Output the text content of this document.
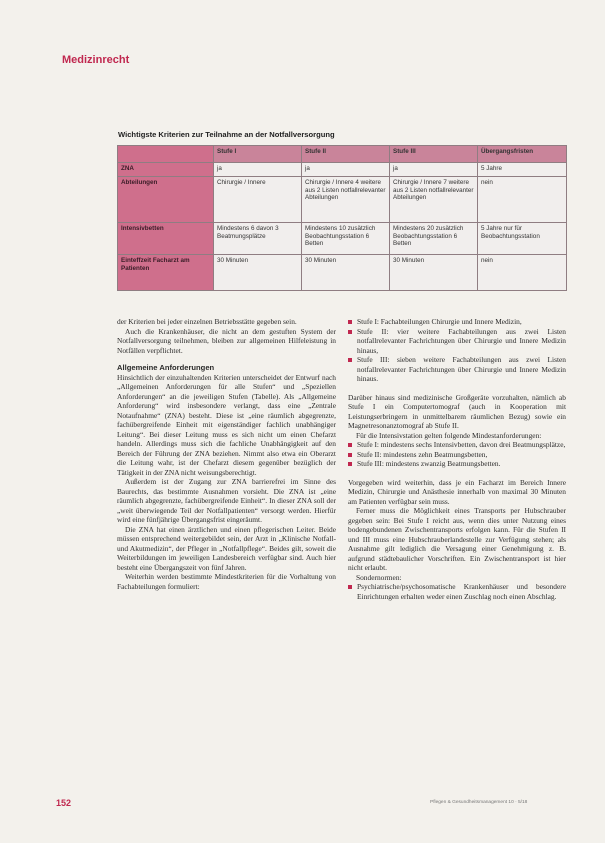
Medizinrecht
Wichtigste Kriterien zur Teilnahme an der Notfallversorgung
	Stufe I	Stufe II	Stufe III	Übergangsfristen
ZNA	ja	ja	ja	5 Jahre
Abteilungen	Chirurgie / Innere	Chirurgie / Innere 4 weitere aus 2 Listen notfallrelevanter Abteilungen	Chirurgie / Innere 7 weitere aus 2 Listen notfallrelevanter Abteilungen	nein
Intensivbetten	Mindestens 6 davon 3 Beatmungsplätze	Mindestens 10 zusätzlich Beobachtungsstation 6 Betten	Mindestens 20 zusätzlich Beobachtungsstation 6 Betten	5 Jahre nur für Beobachtungsstation
Einteffzeit Facharzt am Patienten	30 Minuten	30 Minuten	30 Minuten	nein

der Kriterien bei jeder einzelnen Betriebsstätte gegeben sein.

Auch die Krankenhäuser, die nicht an dem gestuften System der Notfallversorgung teilnehmen, bleiben zur allgemeinen Hilfeleistung in Notfällen verpflichtet.

Allgemeine Anforderungen

Hinsichtlich der einzuhaltenden Kriterien unterscheidet der Entwurf nach „Allgemeinen Anforderungen für alle Stufen“ und „Speziellen Anforderungen“ an die jeweiligen Stufen (Tabelle). Als „Allgemeine Anforderung“ wird insbesondere verlangt, dass eine „Zentrale Notaufnahme“ (ZNA) besteht. Diese ist „eine räumlich abgegrenzte, fachübergreifende Einheit mit eigenständiger fachlich unabhängiger Leitung“. Bei dieser Leitung muss es sich nicht um einen Chefarzt handeln. Allerdings muss sich die fachliche Unabhängigkeit auf den Bereich der Führung der ZNA beziehen. Nimmt also etwa ein Oberarzt die Leitung wahr, ist der Chefarzt diesem gegenüber bezüglich der Tätigkeit in der ZNA nicht weisungsberechtigt.

Außerdem ist der Zugang zur ZNA barrierefrei im Sinne des Baurechts, das bestimmte Ausnahmen vorsieht. Die ZNA ist „eine räumlich abgegrenzte, fachübergreifende Einheit“. In dieser ZNA soll der „weit überwiegende Teil der Notfallpatienten“ versorgt werden. Hierfür wird eine fünfjährige Übergangsfrist eingeräumt.

Die ZNA hat einen ärztlichen und einen pflegerischen Leiter. Beide müssen entsprechend weitergebildet sein, der Arzt in „Klinische Notfall- und Akutmedizin“, der Pfleger in „Notfallpflege“. Beides gilt, soweit die Weiterbildungen im jeweiligen Landesbereich verfügbar sind. Auch hier besteht eine Übergangszeit von fünf Jahren.

Weiterhin werden bestimmte Mindestkriterien für die Vorhaltung von Fachabteilungen formuliert:

Stufe I: Fachabteilungen Chirurgie und Innere Medizin,
Stufe II: vier weitere Fachabteilungen aus zwei Listen notfallrelevanter Fachrichtungen über Chirurgie und Innere Medizin hinaus,
Stufe III: sieben weitere Fachabteilungen aus zwei Listen notfallrelevanter Fachrichtungen über Chirurgie und Innere Medizin hinaus.

Darüber hinaus sind medizinische Großgeräte vorzuhalten, nämlich ab Stufe I ein Computertomograf (auch in Kooperation mit Leistungserbringern in unmittelbarem räumlichen Bezug) sowie ein Magnetresonanztomograf ab Stufe II.

Für die Intensivstation gelten folgende Mindestanforderungen:

Stufe I: mindestens sechs Intensivbetten, davon drei Beatmungsplätze,
Stufe II: mindestens zehn Beatmungsbetten,
Stufe III: mindestens zwanzig Beatmungsbetten.

Vorgegeben wird weiterhin, dass je ein Facharzt im Bereich Innere Medizin, Chirurgie und Anästhesie innerhalb von maximal 30 Minuten am Patienten verfügbar sein muss.

Ferner muss die Möglichkeit eines Transports per Hubschrauber gegeben sein: Bei Stufe I reicht aus, wenn dies unter Nutzung eines bodengebundenen Zwischentransports erfolgen kann. Für die Stufen II und III muss eine Hubschrauberlandestelle zur Verfügung stehen; als Ausnahme gilt lediglich die Versagung einer Genehmigung z. B. aufgrund städtebaulicher Vorschriften. Ein Zwischentransport ist hier nicht erlaubt.

Sondernormen:

Psychiatrische/psychosomatische Krankenhäuser und besondere Einrichtungen erhalten weder einen Zuschlag noch einen Abschlag.
152	Pflegen & Gesundheitsmanagement 10 · 5/18
